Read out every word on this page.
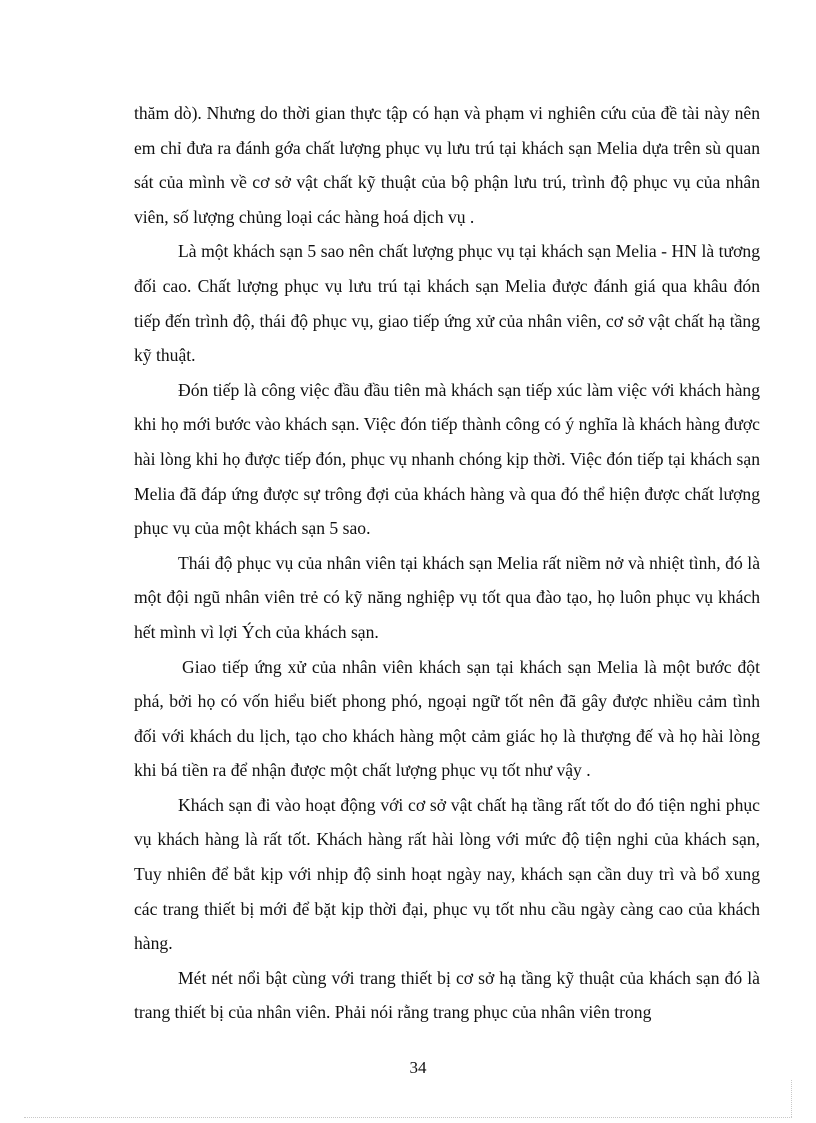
thăm dò). Nhưng do thời gian thực tập có hạn và phạm vi nghiên cứu của đề tài này nên em chỉ đưa ra đánh gớa chất lượng phục vụ lưu trú tại khách sạn Melia dựa trên sù quan sát của mình về cơ sở vật chất kỹ thuật của bộ phận lưu trú, trình độ phục vụ của nhân viên, số lượng chủng loại các hàng hoá dịch vụ .

Là một khách sạn 5 sao nên chất lượng phục vụ tại khách sạn Melia - HN là tương đối cao. Chất lượng phục vụ lưu trú tại khách sạn Melia được đánh giá qua khâu đón tiếp đến trình độ, thái độ phục vụ, giao tiếp ứng xử của nhân viên, cơ sở vật chất hạ tầng kỹ thuật.

Đón tiếp là công việc đầu đầu tiên mà khách sạn tiếp xúc làm việc với khách hàng khi họ mới bước vào khách sạn. Việc đón tiếp thành công có ý nghĩa là khách hàng được hài lòng khi họ được tiếp đón, phục vụ nhanh chóng kịp thời. Việc đón tiếp tại khách sạn Melia đã đáp ứng được sự trông đợi của khách hàng và qua đó thể hiện được chất lượng phục vụ của một khách sạn 5 sao.

Thái độ phục vụ của nhân viên tại khách sạn Melia rất niềm nở và nhiệt tình, đó là một đội ngũ nhân viên trẻ có kỹ năng nghiệp vụ tốt qua đào tạo, họ luôn phục vụ khách hết mình vì lợi Ých của khách sạn.

Giao tiếp ứng xử của nhân viên khách sạn tại khách sạn Melia là một bước đột phá, bởi họ có vốn hiểu biết phong phó, ngoại ngữ tốt nên đã gây được nhiều cảm tình đối với khách du lịch, tạo cho khách hàng một cảm giác họ là thượng đế và họ hài lòng khi bá tiền ra để nhận được một chất lượng phục vụ tốt như vậy .

Khách sạn đi vào hoạt động với cơ sở vật chất hạ tầng rất tốt do đó tiện nghi phục vụ khách hàng là rất tốt. Khách hàng rất hài lòng với mức độ tiện nghi của khách sạn, Tuy nhiên để bắt kịp với nhịp độ sinh hoạt ngày nay, khách sạn cần duy trì và bổ xung các trang thiết bị mới để bặt kịp thời đại, phục vụ tốt nhu cầu ngày càng cao của khách hàng.

Mét nét nổi bật cùng với trang thiết bị cơ sở hạ tầng kỹ thuật của khách sạn đó là trang thiết bị của nhân viên. Phải nói rằng trang phục của nhân viên trong

34
